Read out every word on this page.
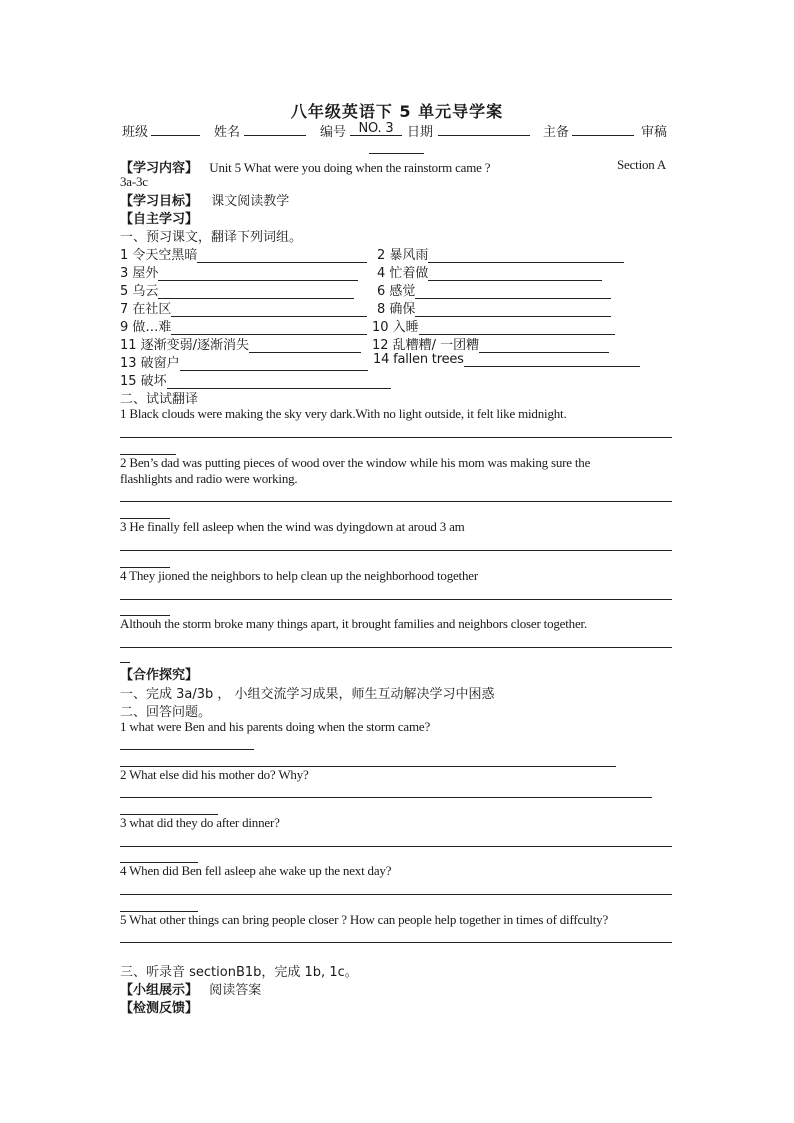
八年级英语下 5 单元导学案
班级	姓名	编号 NO. 3	日期	主备	审稿
【学习内容】 Unit 5 What were you doing when the rainstorm came ?	Section A
3a-3c
【学习目标】 课文阅读教学
【自主学习】
一、预习课文，翻译下列词组。
1 令天空黑暗	2 暴风雨
3 屋外	4 忙着做
5 乌云	6 感觉
7 在社区	8 确保
9 做…难	10 入睡
11 逐渐变弱/逐渐消失	12 乱糟糟/ 一团糟
13 破窗户	14 fallen trees
15 破坏
二、试试翻译
1 Black clouds were making the sky very dark.With no light outside, it felt like midnight.
2 Ben’s dad was putting pieces of wood over the window while his mom was making sure the
flashlights and radio were working.
3 He finally fell asleep when the wind was dyingdown at aroud 3 am
4 They jioned the neighbors to help clean up the neighborhood together
Althouh the storm broke many things apart, it brought families and neighbors closer together.
【合作探究】
一、完成 3a/3b ， 小组交流学习成果，师生互动解决学习中困惑
二、回答问题。
1 what were Ben and his parents doing when the storm came?
2 What else did his mother do? Why?
3 what did they do after dinner?
4 When did Ben fell asleep ahe wake up the next day?
5 What other things can bring people closer ? How can people help together in times of diffculty?
三、听录音 sectionB1b，完成 1b, 1c。
【小组展示】 阅读答案
【检测反馈】
